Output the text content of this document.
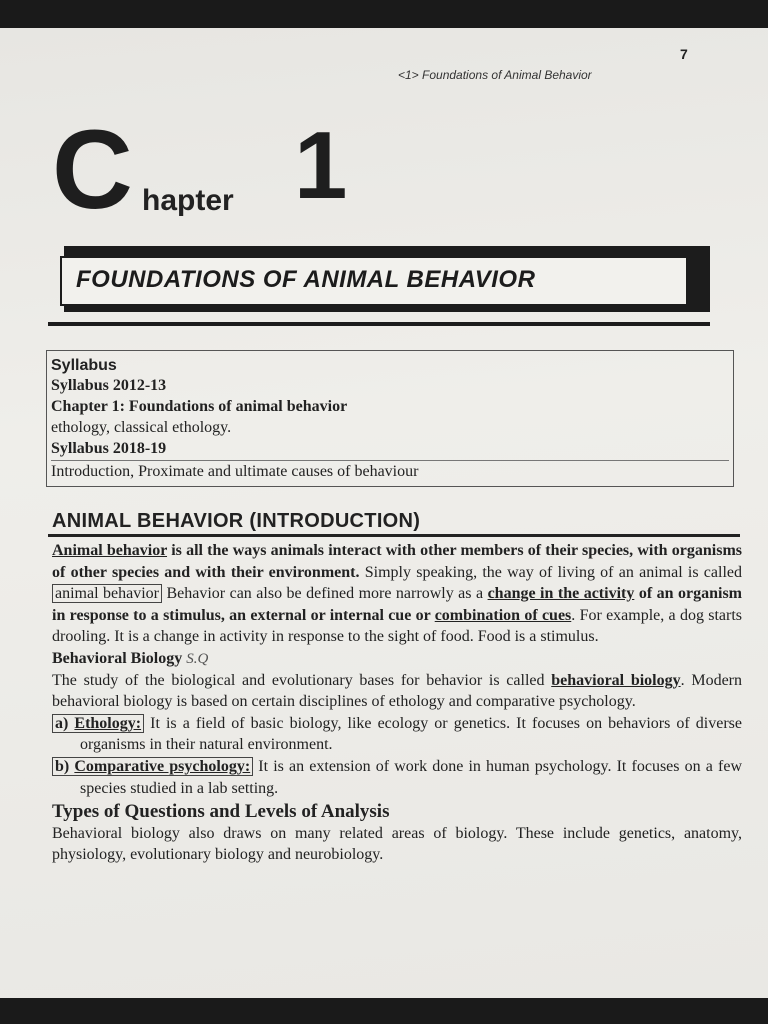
7
<1> Foundations of Animal Behavior
C hapter 1
FOUNDATIONS OF ANIMAL BEHAVIOR
Syllabus
Syllabus 2012-13
Chapter 1: Foundations of animal behavior
ethology, classical ethology.
Syllabus 2018-19
Introduction, Proximate and ultimate causes of behaviour
ANIMAL BEHAVIOR (INTRODUCTION)

Animal behavior is all the ways animals interact with other members of their species, with organisms of other species and with their environment. Simply speaking, the way of living of an animal is called animal behavior Behavior can also be defined more narrowly as a change in the activity of an organism in response to a stimulus, an external or internal cue or combination of cues. For example, a dog starts drooling. It is a change in activity in response to the sight of food. Food is a stimulus.

Behavioral Biology S.Q

The study of the biological and evolutionary bases for behavior is called behavioral biology. Modern behavioral biology is based on certain disciplines of ethology and comparative psychology.

a) Ethology: It is a field of basic biology, like ecology or genetics. It focuses on behaviors of diverse organisms in their natural environment.

b) Comparative psychology: It is an extension of work done in human psychology. It focuses on a few species studied in a lab setting.

Types of Questions and Levels of Analysis

Behavioral biology also draws on many related areas of biology. These include genetics, anatomy, physiology, evolutionary biology and neurobiology.
